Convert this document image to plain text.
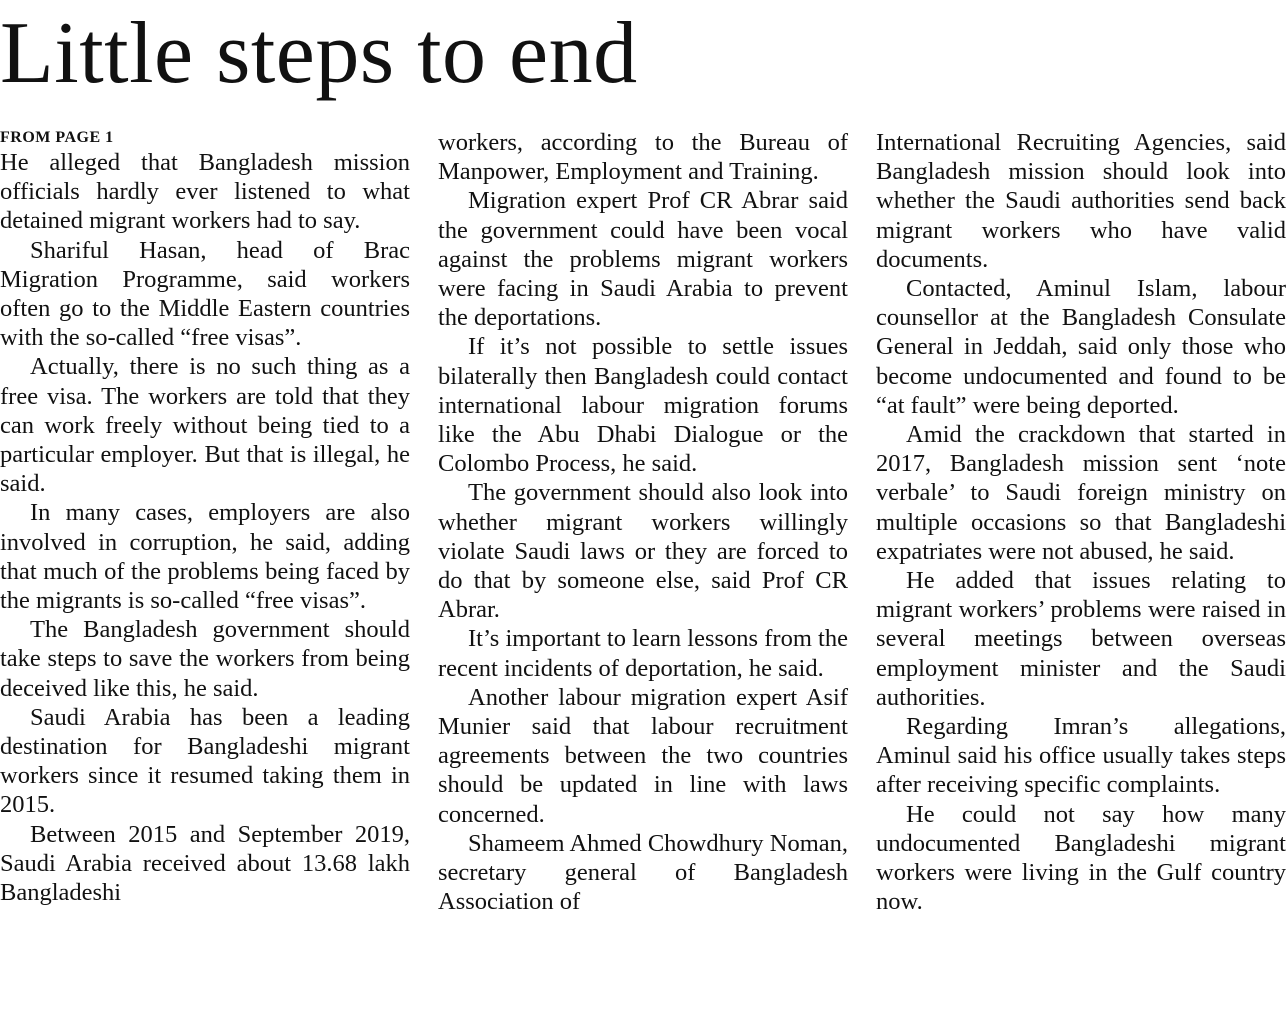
Little steps to end
FROM PAGE 1

He alleged that Bangladesh mission officials hardly ever listened to what detained migrant workers had to say.

Shariful Hasan, head of Brac Migration Programme, said workers often go to the Middle Eastern countries with the so-called “free visas”.

Actually, there is no such thing as a free visa. The workers are told that they can work freely without being tied to a particular employer. But that is illegal, he said.

In many cases, employers are also involved in corruption, he said, adding that much of the problems being faced by the migrants is so-called “free visas”.

The Bangladesh government should take steps to save the workers from being deceived like this, he said.

Saudi Arabia has been a leading destination for Bangladeshi migrant workers since it resumed taking them in 2015.

Between 2015 and September 2019, Saudi Arabia received about 13.68 lakh Bangladeshi

workers, according to the Bureau of Manpower, Employment and Training.

Migration expert Prof CR Abrar said the government could have been vocal against the problems migrant workers were facing in Saudi Arabia to prevent the deportations.

If it’s not possible to settle issues bilaterally then Bangladesh could contact international labour migration forums like the Abu Dhabi Dialogue or the Colombo Process, he said.

The government should also look into whether migrant workers willingly violate Saudi laws or they are forced to do that by someone else, said Prof CR Abrar.

It’s important to learn lessons from the recent incidents of deportation, he said.

Another labour migration expert Asif Munier said that labour recruitment agreements between the two countries should be updated in line with laws concerned.

Shameem Ahmed Chowdhury Noman, secretary general of Bangladesh Association of

International Recruiting Agencies, said Bangladesh mission should look into whether the Saudi authorities send back migrant workers who have valid documents.

Contacted, Aminul Islam, labour counsellor at the Bangladesh Consulate General in Jeddah, said only those who become undocumented and found to be “at fault” were being deported.

Amid the crackdown that started in 2017, Bangladesh mission sent ‘note verbale’ to Saudi foreign ministry on multiple occasions so that Bangladeshi expatriates were not abused, he said.

He added that issues relating to migrant workers’ problems were raised in several meetings between overseas employment minister and the Saudi authorities.

Regarding Imran’s allegations, Aminul said his office usually takes steps after receiving specific complaints.

He could not say how many undocumented Bangladeshi migrant workers were living in the Gulf country now.
